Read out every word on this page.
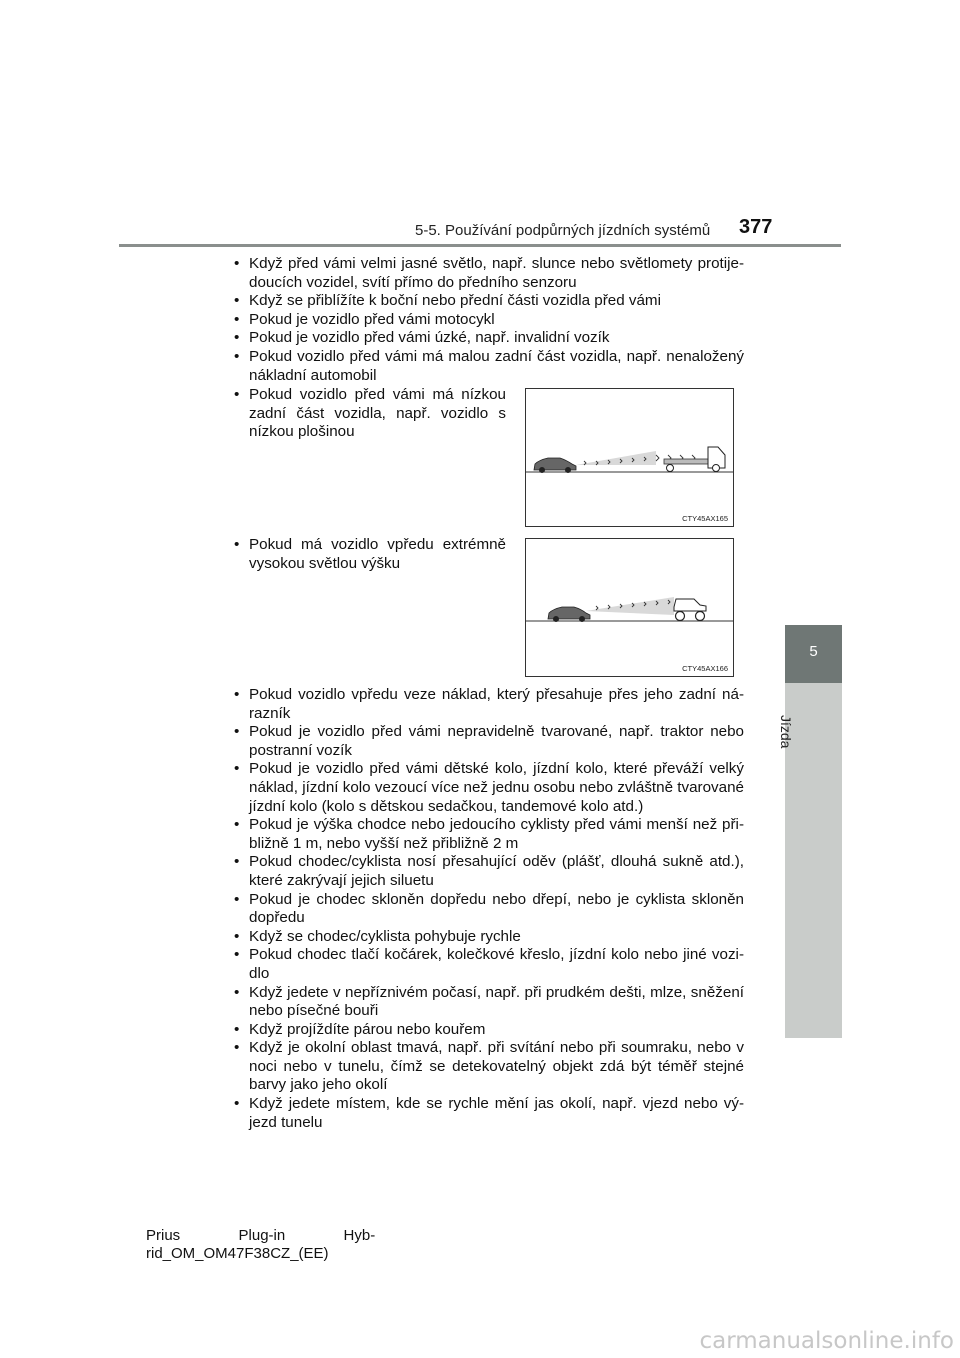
5-5. Používání podpůrných jízdních systémů 377
5
Jízda
• Když před vámi velmi jasné světlo, např. slunce nebo světlomety protijedoucích vozidel, svítí přímo do předního senzoru
• Když se přiblížíte k boční nebo přední části vozidla před vámi
• Pokud je vozidlo před vámi motocykl
• Pokud je vozidlo před vámi úzké, např. invalidní vozík
• Pokud vozidlo před vámi má malou zadní část vozidla, např. nenaložený nákladní automobil
• Pokud vozidlo před vámi má nízkou zadní část vozidla, např. vozidlo s nízkou plošinou
CTY45AX165
• Pokud má vozidlo vpředu extrémně vysokou světlou výšku
CTY45AX166
• Pokud vozidlo vpředu veze náklad, který přesahuje přes jeho zadní nárazník
• Pokud je vozidlo před vámi nepravidelně tvarované, např. traktor nebo postranní vozík
• Pokud je vozidlo před vámi dětské kolo, jízdní kolo, které převáží velký náklad, jízdní kolo vezoucí více než jednu osobu nebo zvláštně tvarované jízdní kolo (kolo s dětskou sedačkou, tandemové kolo atd.)
• Pokud je výška chodce nebo jedoucího cyklisty před vámi menší než přibližně 1 m, nebo vyšší než přibližně 2 m
• Pokud chodec/cyklista nosí přesahující oděv (plášť, dlouhá sukně atd.), které zakrývají jejich siluetu
• Pokud je chodec skloněn dopředu nebo dřepí, nebo je cyklista skloněn dopředu
• Když se chodec/cyklista pohybuje rychle
• Pokud chodec tlačí kočárek, kolečkové křeslo, jízdní kolo nebo jiné vozidlo
• Když jedete v nepříznivém počasí, např. při prudkém dešti, mlze, sněžení nebo písečné bouři
• Když projíždíte párou nebo kouřem
• Když je okolní oblast tmavá, např. při svítání nebo při soumraku, nebo v noci nebo v tunelu, čímž se detekovatelný objekt zdá být téměř stejné barvy jako jeho okolí
• Když jedete místem, kde se rychle mění jas okolí, např. vjezd nebo výjezd tunelu
Prius              Plug-in              Hyb-
rid_OM_OM47F38CZ_(EE)
carmanualsonline.info
